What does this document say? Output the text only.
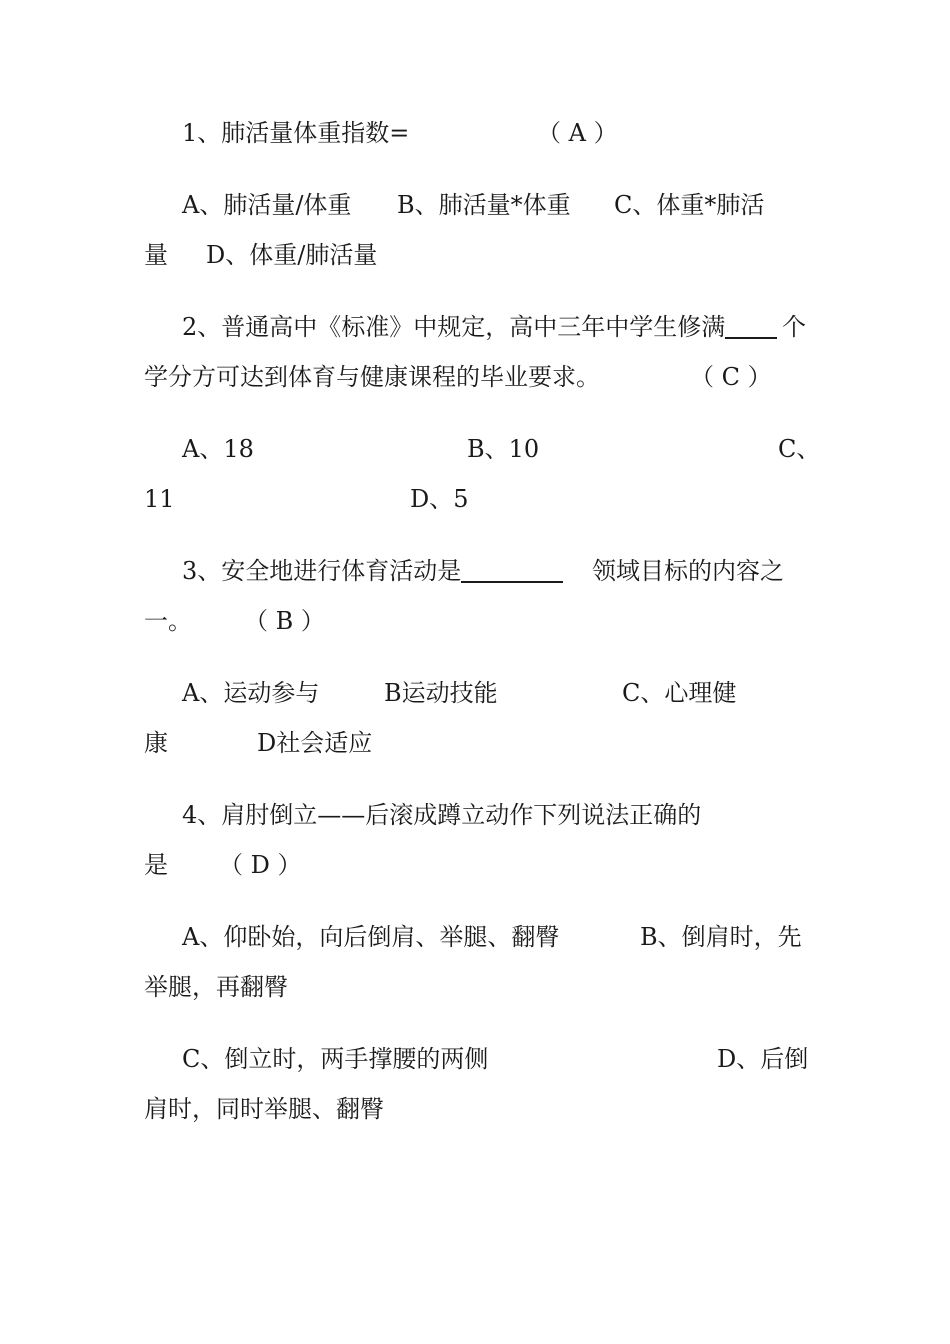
1、肺活量体重指数=	（ A ）
A、肺活量/体重 B、肺活量*体重 C、体重*肺活
量 D、体重/肺活量
2、普通高中《标准》中规定，高中三年中学生修满	个
学分方可达到体育与健康课程的毕业要求。	（ C ）
A、18	B、10	C、
11	D、5
3、安全地进行体育活动是	领域目标的内容之
一。 （ B ）
A、运动参与	B运动技能	C、心理健
康	D社会适应
4、肩肘倒立——后滚成蹲立动作下列说法正确的
是 （ D ）
A、仰卧始，向后倒肩、举腿、翻臀	B、倒肩时，先
举腿，再翻臀
C、倒立时，两手撑腰的两侧	D、后倒
肩时，同时举腿、翻臀
